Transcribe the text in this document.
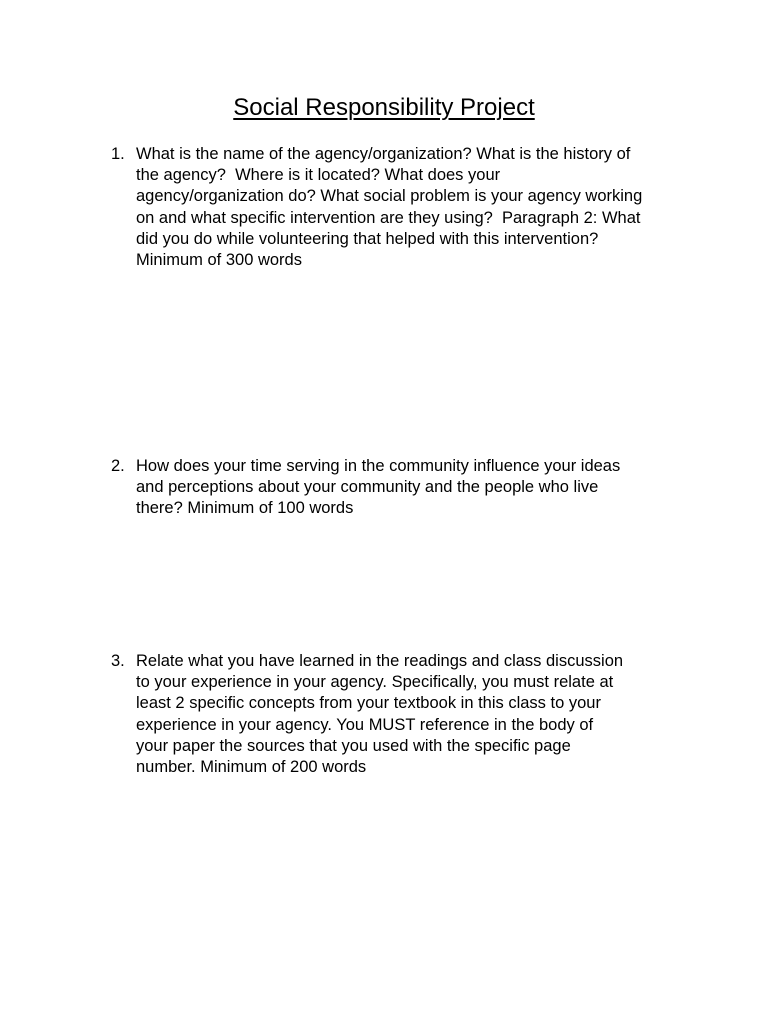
Social Responsibility Project
1. What is the name of the agency/organization? What is the history of
the agency?  Where is it located? What does your
agency/organization do? What social problem is your agency working
on and what specific intervention are they using?  Paragraph 2: What
did you do while volunteering that helped with this intervention?
Minimum of 300 words
2. How does your time serving in the community influence your ideas
and perceptions about your community and the people who live
there? Minimum of 100 words
3. Relate what you have learned in the readings and class discussion
to your experience in your agency. Specifically, you must relate at
least 2 specific concepts from your textbook in this class to your
experience in your agency. You MUST reference in the body of
your paper the sources that you used with the specific page
number. Minimum of 200 words
